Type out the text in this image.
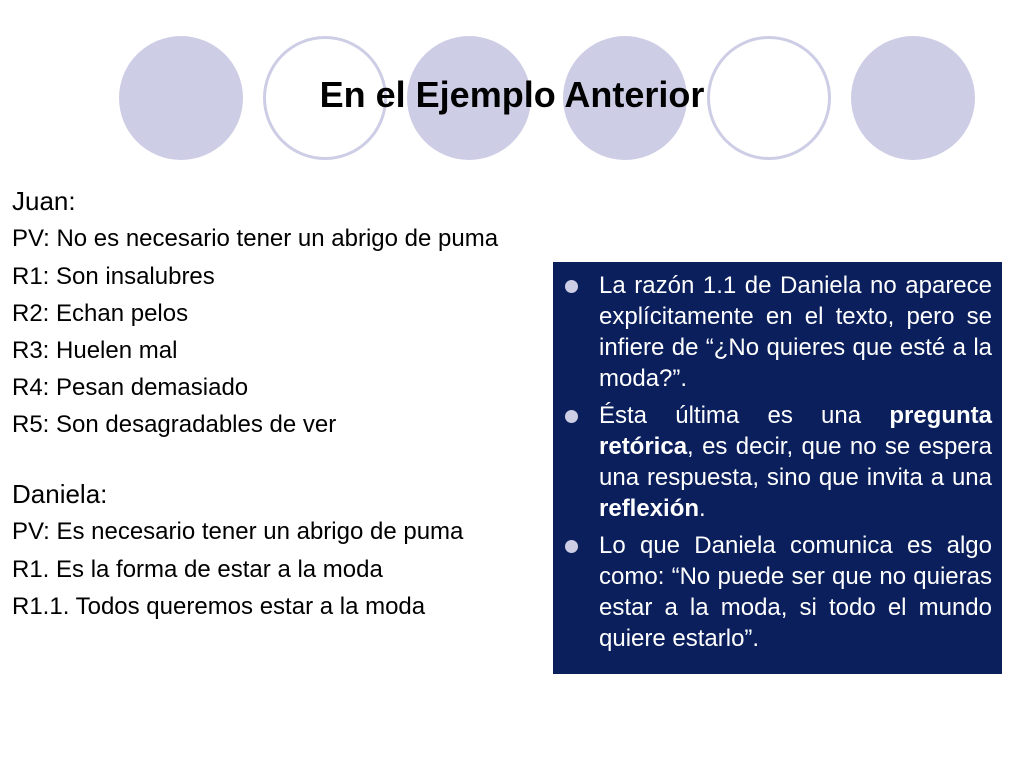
En el Ejemplo Anterior

Juan:

PV: No es necesario tener un abrigo de puma

R1: Son insalubres

R2: Echan pelos

R3: Huelen mal

R4: Pesan demasiado

R5: Son desagradables de ver

Daniela:

PV: Es necesario tener un abrigo de puma

R1. Es la forma de estar a la moda

R1.1. Todos queremos estar a la moda

La razón 1.1 de Daniela no aparece explícitamente en el texto, pero se infiere de “¿No quieres que esté a la moda?”.
Ésta última es una pregunta retórica, es decir, que no se espera una respuesta, sino que invita a una reflexión.
Lo que Daniela comunica es algo como: “No puede ser que no quieras estar a la moda, si todo el mundo quiere estarlo”.
